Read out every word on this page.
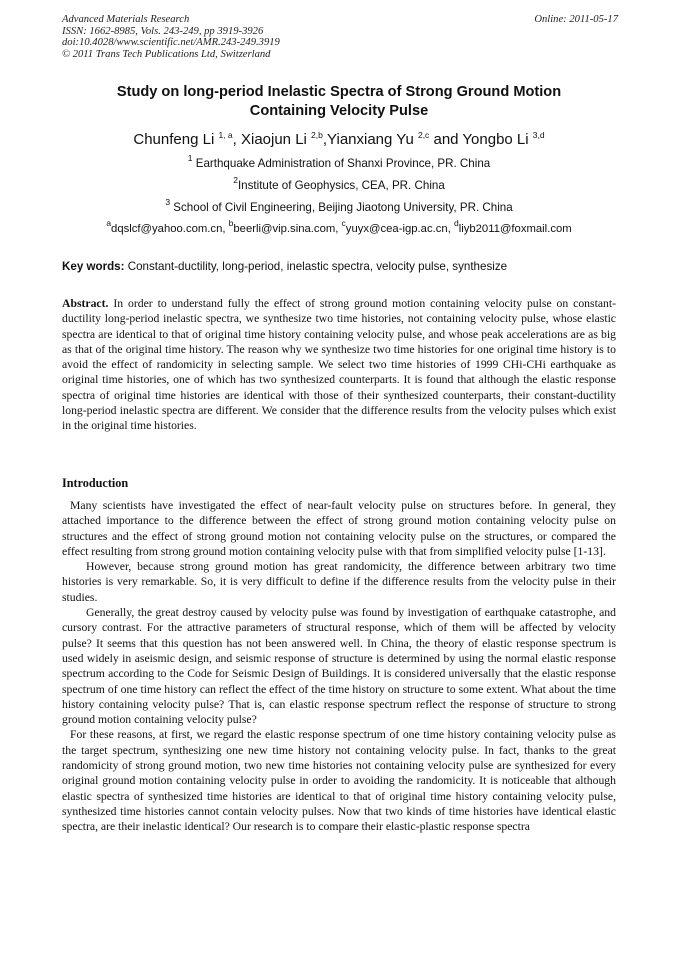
Advanced Materials Research
ISSN: 1662-8985, Vols. 243-249, pp 3919-3926
doi:10.4028/www.scientific.net/AMR.243-249.3919
© 2011 Trans Tech Publications Ltd, Switzerland
Online: 2011-05-17
Study on long-period Inelastic Spectra of Strong Ground Motion
Containing Velocity Pulse
Chunfeng Li $^{1, a}$, Xiaojun Li $^{2,b}$,Yianxiang Yu $^{2,c}$ and Yongbo Li $^{3,d}$
$^1$ Earthquake Administration of Shanxi Province, PR. China
$^2$Institute of Geophysics, CEA, PR. China
$^3$ School of Civil Engineering, Beijing Jiaotong University, PR. China
$^a$dqslcf@yahoo.com.cn, $^b$beerli@vip.sina.com, $^c$yuyx@cea-igp.ac.cn, $^d$liyb2011@foxmail.com
Key words: Constant-ductility, long-period, inelastic spectra, velocity pulse, synthesize
Abstract. In order to understand fully the effect of strong ground motion containing velocity pulse on constant-ductility long-period inelastic spectra, we synthesize two time histories, not containing velocity pulse, whose elastic spectra are identical to that of original time history containing velocity pulse, and whose peak accelerations are as big as that of the original time history. The reason why we synthesize two time histories for one original time history is to avoid the effect of randomicity in selecting sample. We select two time histories of 1999 CHi-CHi earthquake as original time histories, one of which has two synthesized counterparts. It is found that although the elastic response spectra of original time histories are identical with those of their synthesized counterparts, their constant-ductility long-period inelastic spectra are different. We consider that the difference results from the velocity pulses which exist in the original time histories.
Introduction

Many scientists have investigated the effect of near-fault velocity pulse on structures before. In general, they attached importance to the difference between the effect of strong ground motion containing velocity pulse on structures and the effect of strong ground motion not containing velocity pulse on the structures, or compared the effect resulting from strong ground motion containing velocity pulse with that from simplified velocity pulse [1-13].

However, because strong ground motion has great randomicity, the difference between arbitrary two time histories is very remarkable. So, it is very difficult to define if the difference results from the velocity pulse in their studies.

Generally, the great destroy caused by velocity pulse was found by investigation of earthquake catastrophe, and cursory contrast. For the attractive parameters of structural response, which of them will be affected by velocity pulse? It seems that this question has not been answered well. In China, the theory of elastic response spectrum is used widely in aseismic design, and seismic response of structure is determined by using the normal elastic response spectrum according to the Code for Seismic Design of Buildings. It is considered universally that the elastic response spectrum of one time history can reflect the effect of the time history on structure to some extent. What about the time history containing velocity pulse? That is, can elastic response spectrum reflect the response of structure to strong ground motion containing velocity pulse?

For these reasons, at first, we regard the elastic response spectrum of one time history containing velocity pulse as the target spectrum, synthesizing one new time history not containing velocity pulse. In fact, thanks to the great randomicity of strong ground motion, two new time histories not containing velocity pulse are synthesized for every original ground motion containing velocity pulse in order to avoiding the randomicity. It is noticeable that although elastic spectra of synthesized time histories are identical to that of original time history containing velocity pulse, synthesized time histories cannot contain velocity pulses. Now that two kinds of time histories have identical elastic spectra, are their inelastic identical? Our research is to compare their elastic-plastic response spectra
